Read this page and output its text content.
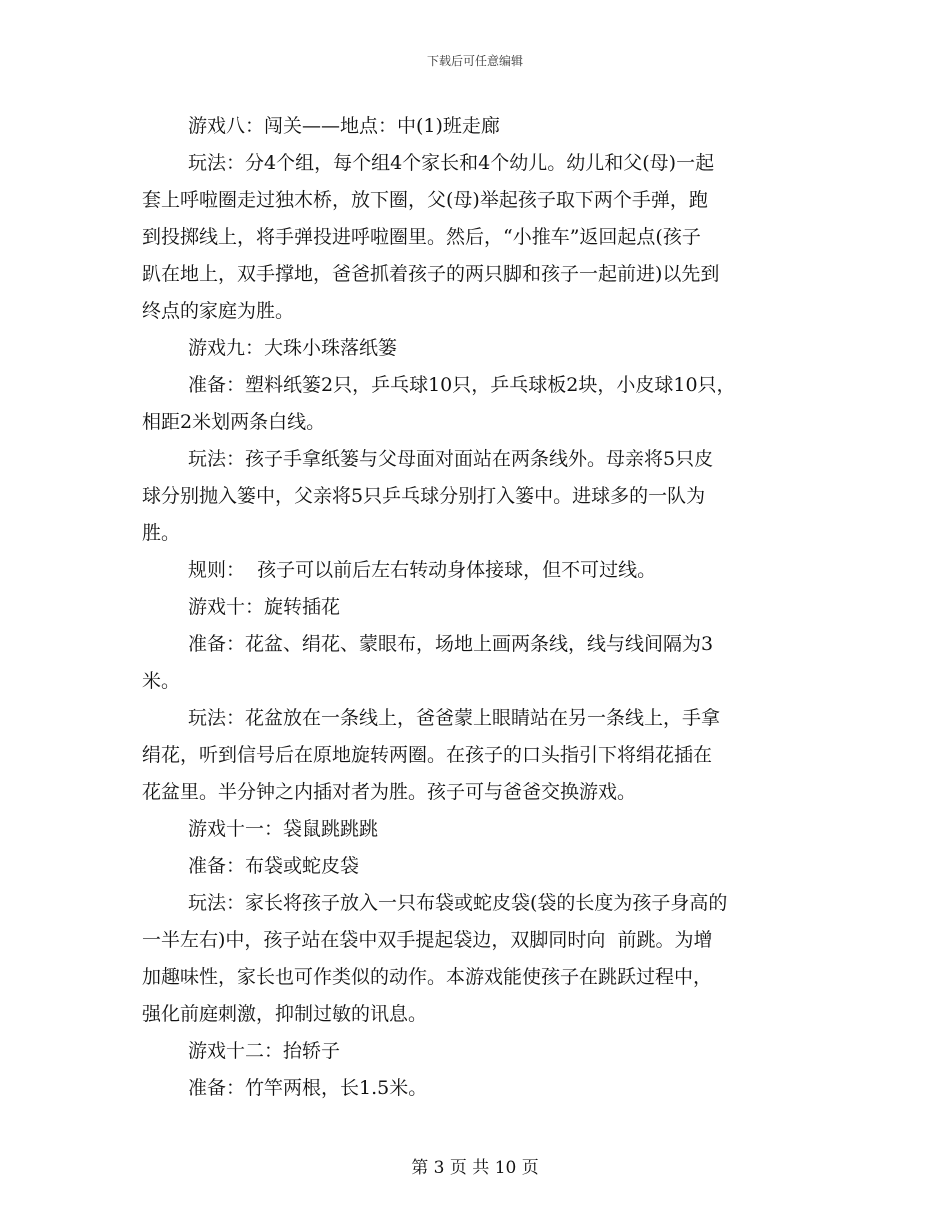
下载后可任意编辑

游戏八：闯关——地点：中(1)班走廊
玩法：分4个组，每个组4个家长和4个幼儿。幼儿和父(母)一起
套上呼啦圈走过独木桥，放下圈，父(母)举起孩子取下两个手弹，跑
到投掷线上，将手弹投进呼啦圈里。然后，“小推车”返回起点(孩子
趴在地上，双手撑地，爸爸抓着孩子的两只脚和孩子一起前进)以先到
终点的家庭为胜。
游戏九：大珠小珠落纸篓
准备：塑料纸篓2只，乒乓球10只，乒乓球板2块，小皮球10只，
相距2米划两条白线。
玩法：孩子手拿纸篓与父母面对面站在两条线外。母亲将5只皮
球分别抛入篓中，父亲将5只乒乓球分别打入篓中。进球多的一队为
胜。
规则：  孩子可以前后左右转动身体接球，但不可过线。
游戏十：旋转插花
准备：花盆、绢花、蒙眼布，场地上画两条线，线与线间隔为3
米。
玩法：花盆放在一条线上，爸爸蒙上眼睛站在另一条线上，手拿
绢花，听到信号后在原地旋转两圈。在孩子的口头指引下将绢花插在
花盆里。半分钟之内插对者为胜。孩子可与爸爸交换游戏。
游戏十一：袋鼠跳跳跳
准备：布袋或蛇皮袋
玩法：家长将孩子放入一只布袋或蛇皮袋(袋的长度为孩子身高的
一半左右)中，孩子站在袋中双手提起袋边，双脚同时向  前跳。为增
加趣味性，家长也可作类似的动作。本游戏能使孩子在跳跃过程中，
强化前庭刺激，抑制过敏的讯息。
游戏十二：抬轿子
准备：竹竿两根，长1.5米。

第 3 页 共 10 页
